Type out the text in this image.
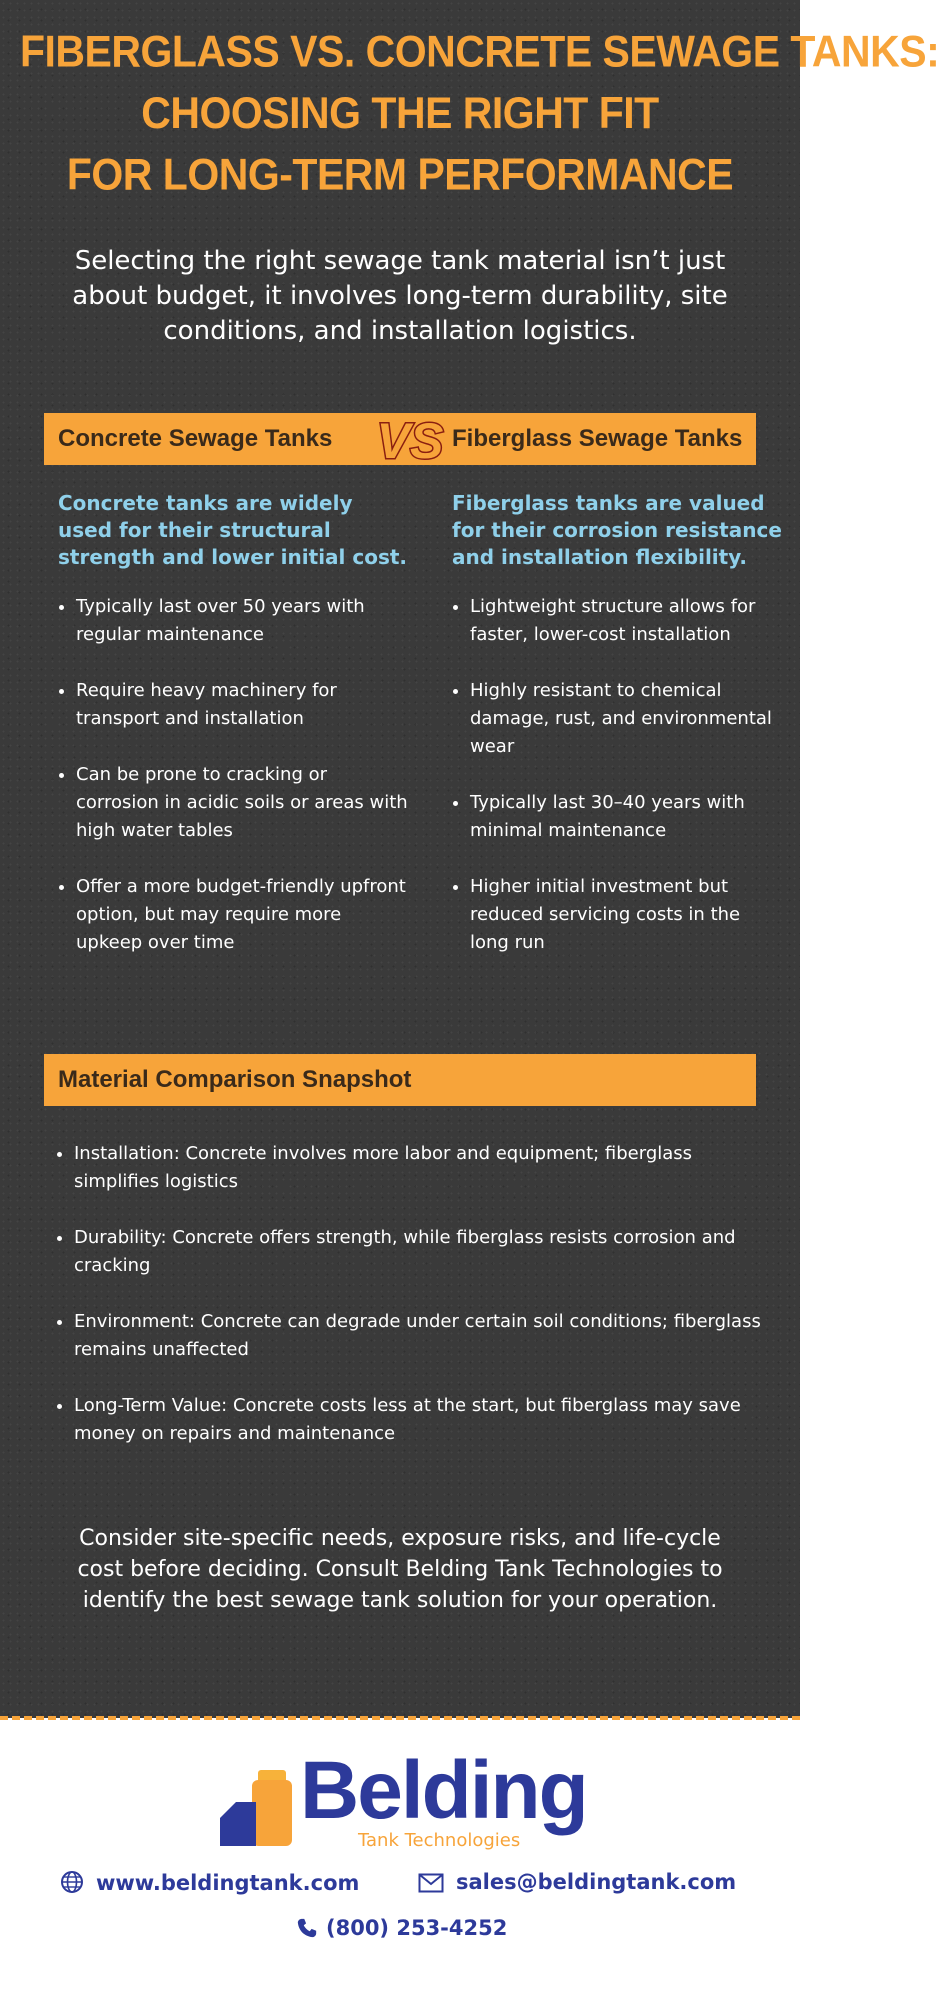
FIBERGLASS VS. CONCRETE SEWAGE TANKS:
CHOOSING THE RIGHT FIT
FOR LONG-TERM PERFORMANCE
Selecting the right sewage tank material isn’t just about budget, it involves long-term durability, site conditions, and installation logistics.
Concrete Sewage Tanks VS Fiberglass Sewage Tanks

Concrete tanks are widely used for their structural strength and lower initial cost.

• Typically last over 50 years with regular maintenance
• Require heavy machinery for transport and installation
• Can be prone to cracking or corrosion in acidic soils or areas with high water tables
• Offer a more budget-friendly upfront option, but may require more upkeep over time

Fiberglass tanks are valued for their corrosion resistance and installation flexibility.

• Lightweight structure allows for faster, lower-cost installation
• Highly resistant to chemical damage, rust, and environmental wear
• Typically last 30–40 years with minimal maintenance
• Higher initial investment but reduced servicing costs in the long run
Material Comparison Snapshot
• Installation: Concrete involves more labor and equipment; fiberglass simplifies logistics
• Durability: Concrete offers strength, while fiberglass resists corrosion and cracking
• Environment: Concrete can degrade under certain soil conditions; fiberglass remains unaffected
• Long-Term Value: Concrete costs less at the start, but fiberglass may save money on repairs and maintenance
Consider site-specific needs, exposure risks, and life-cycle cost before deciding. Consult Belding Tank Technologies to identify the best sewage tank solution for your operation.
Belding
Tank Technologies
www.beldingtank.com	sales@beldingtank.com
(800) 253-4252
